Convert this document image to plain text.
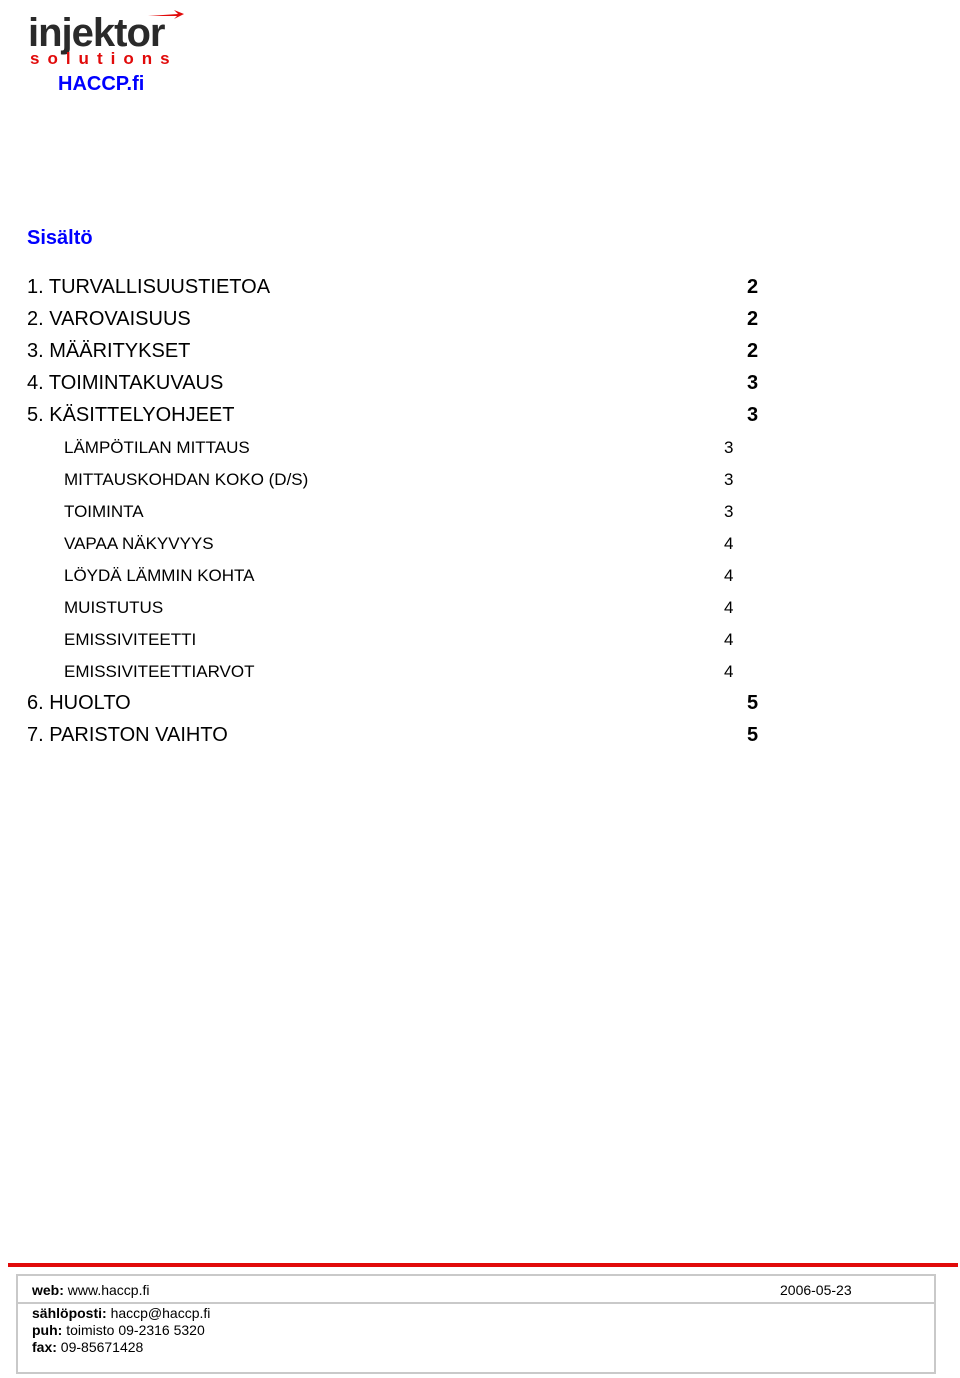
injektor
solutions
HACCP.fi
Sisältö
1. TURVALLISUUSTIETOA	2
2. VAROVAISUUS	2
3. MÄÄRITYKSET	2
4. TOIMINTAKUVAUS	3
5. KÄSITTELYOHJEET	3
LÄMPÖTILAN MITTAUS	3
MITTAUSKOHDAN KOKO (D/S)	3
TOIMINTA	3
VAPAA NÄKYVYYS	4
LÖYDÄ LÄMMIN KOHTA	4
MUISTUTUS	4
EMISSIVITEETTI	4
EMISSIVITEETTIARVOT	4
6. HUOLTO	5
7. PARISTON VAIHTO	5
web: www.haccp.fi	2006-05-23
sählöposti: haccp@haccp.fi
puh: toimisto 09-2316 5320
fax: 09-85671428
